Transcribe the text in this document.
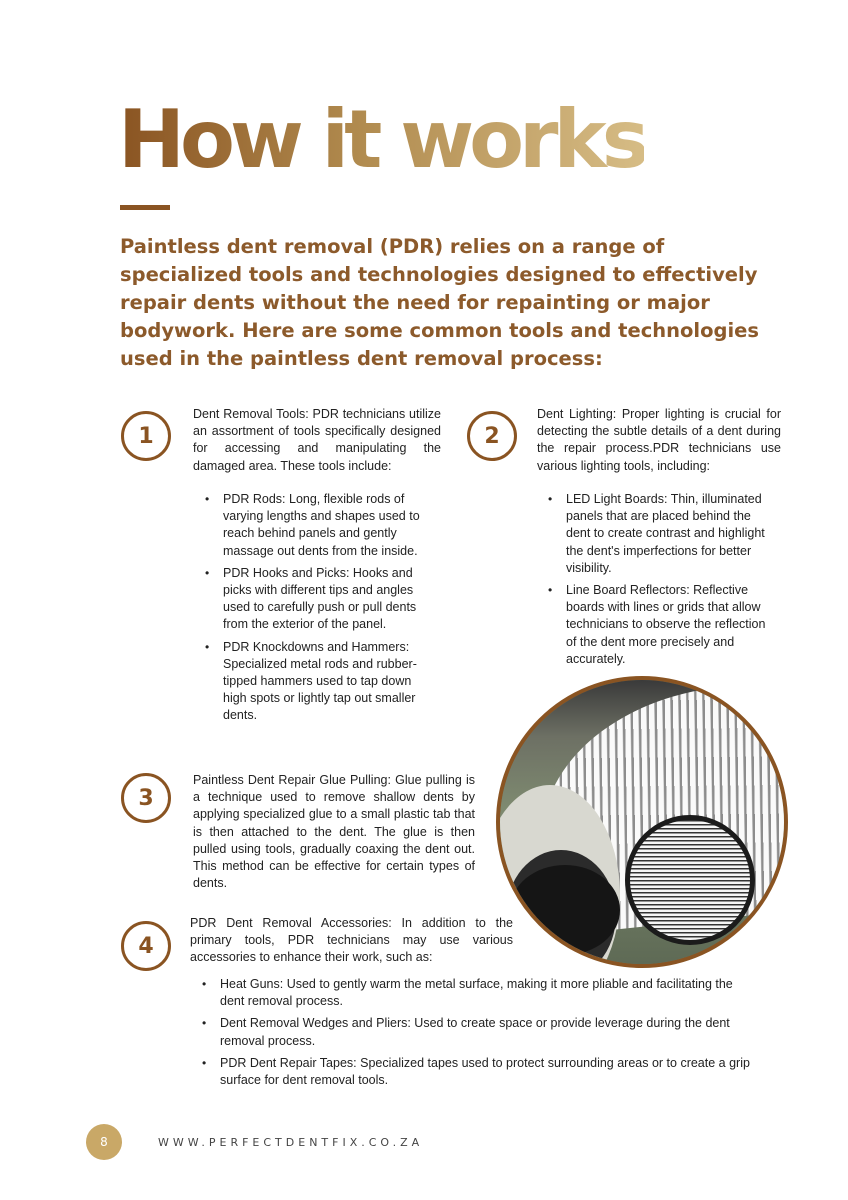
How it works
Paintless dent removal (PDR) relies on a range of specialized tools and technologies designed to effectively repair dents without the need for repainting or major bodywork. Here are some common tools and technologies used in the paintless dent removal process:
1
Dent Removal Tools: PDR technicians utilize an assortment of tools specifically designed for accessing and manipulating the damaged area. These tools include:
• PDR Rods: Long, flexible rods of varying lengths and shapes used to reach behind panels and gently massage out dents from the inside.
• PDR Hooks and Picks: Hooks and picks with different tips and angles used to carefully push or pull dents from the exterior of the panel.
• PDR Knockdowns and Hammers: Specialized metal rods and rubber-tipped hammers used to tap down high spots or lightly tap out smaller dents.
2
Dent Lighting: Proper lighting is crucial for detecting the subtle details of a dent during the repair process.PDR technicians use various lighting tools, including:
• LED Light Boards: Thin, illuminated panels that are placed behind the dent to create contrast and highlight the dent's imperfections for better visibility.
• Line Board Reflectors: Reflective boards with lines or grids that allow technicians to observe the reflection of the dent more precisely and accurately.
3
Paintless Dent Repair Glue Pulling: Glue pulling is a technique used to remove shallow dents by applying specialized glue to a small plastic tab that is then attached to the dent. The glue is then pulled using tools, gradually coaxing the dent out. This method can be effective for certain types of dents.
4
PDR Dent Removal Accessories: In addition to the primary tools, PDR technicians may use various accessories to enhance their work, such as:
• Heat Guns: Used to gently warm the metal surface, making it more pliable and facilitating the dent removal process.
• Dent Removal Wedges and Pliers: Used to create space or provide leverage during the dent removal process.
• PDR Dent Repair Tapes: Specialized tapes used to protect surrounding areas or to create a grip surface for dent removal tools.
8	WWW.PERFECTDENTFIX.CO.ZA
